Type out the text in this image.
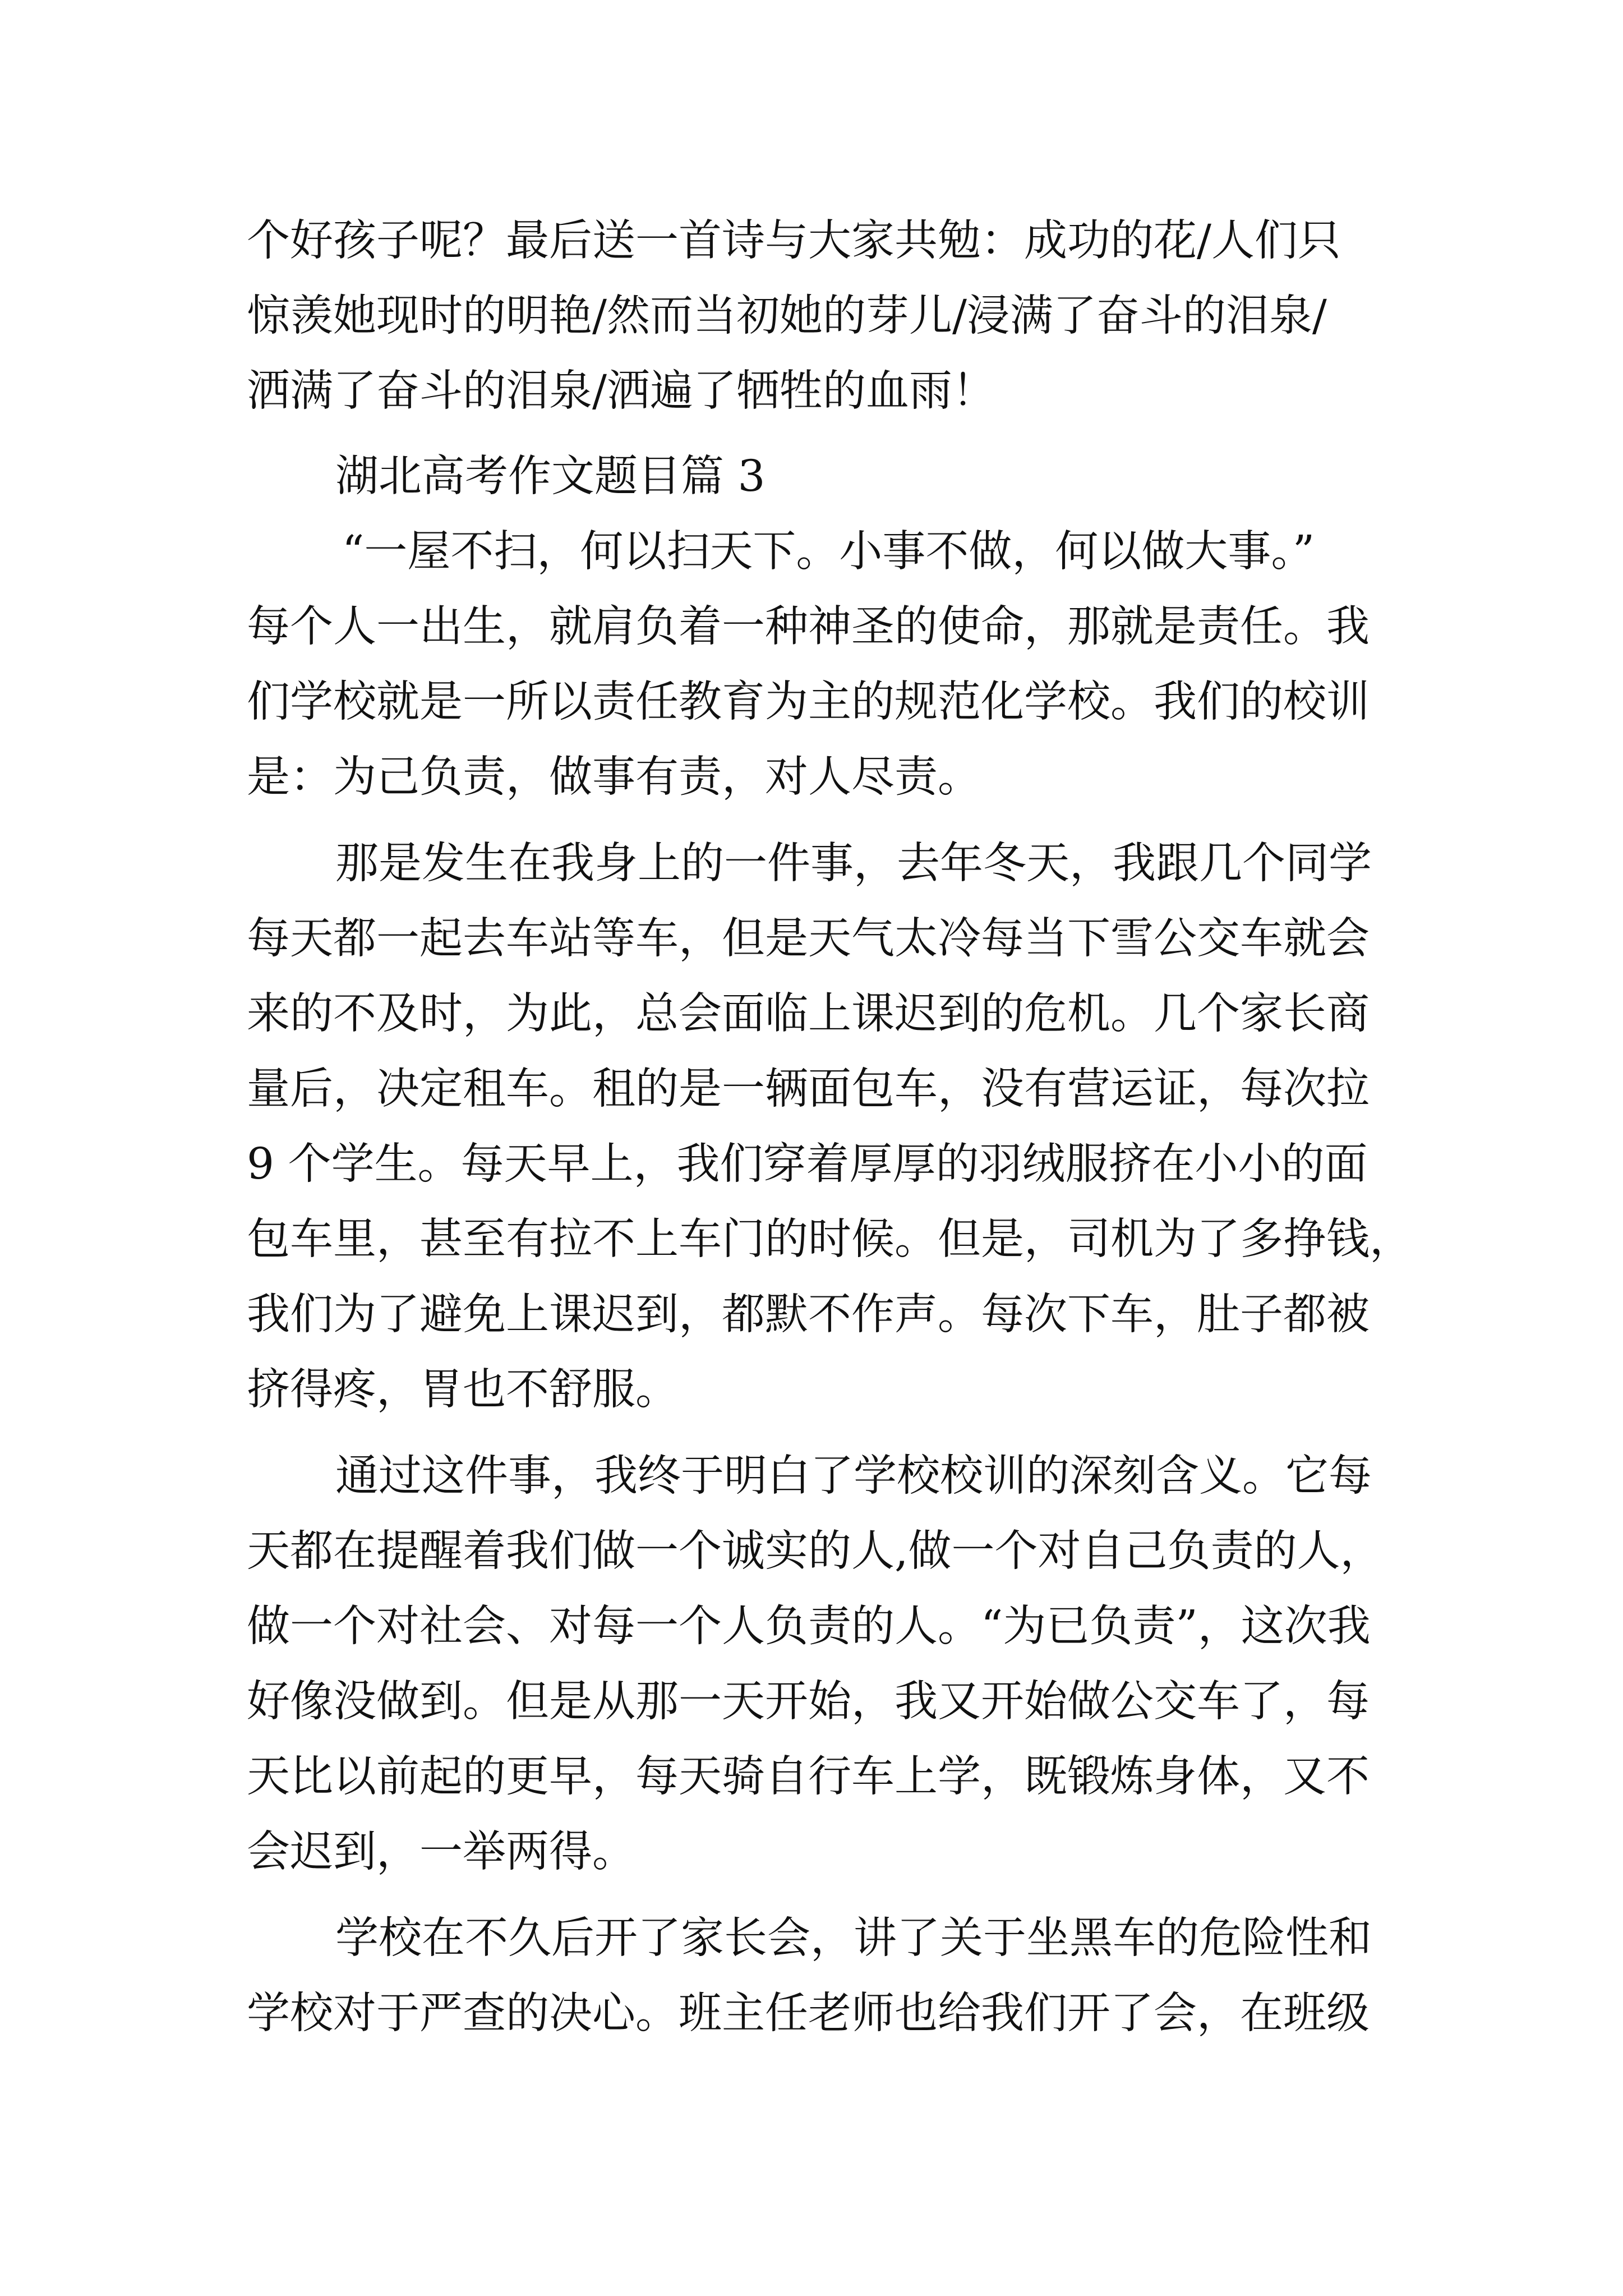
个好孩子呢？最后送一首诗与大家共勉：成功的花/人们只
惊羡她现时的明艳/然而当初她的芽儿/浸满了奋斗的泪泉/
洒满了奋斗的泪泉/洒遍了牺牲的血雨！
湖北高考作文题目篇 3
“一屋不扫，何以扫天下。小事不做，何以做大事。”
每个人一出生，就肩负着一种神圣的使命，那就是责任。我
们学校就是一所以责任教育为主的规范化学校。我们的校训
是：为己负责，做事有责，对人尽责。
那是发生在我身上的一件事，去年冬天，我跟几个同学
每天都一起去车站等车，但是天气太冷每当下雪公交车就会
来的不及时，为此，总会面临上课迟到的危机。几个家长商
量后，决定租车。租的是一辆面包车，没有营运证，每次拉
9 个学生。每天早上，我们穿着厚厚的羽绒服挤在小小的面
包车里，甚至有拉不上车门的时候。但是，司机为了多挣钱，
我们为了避免上课迟到，都默不作声。每次下车，肚子都被
挤得疼，胃也不舒服。
通过这件事，我终于明白了学校校训的深刻含义。它每
天都在提醒着我们做一个诚实的人,做一个对自己负责的人，
做一个对社会、对每一个人负责的人。“为已负责”，这次我
好像没做到。但是从那一天开始，我又开始做公交车了，每
天比以前起的更早，每天骑自行车上学，既锻炼身体，又不
会迟到，一举两得。
学校在不久后开了家长会，讲了关于坐黑车的危险性和
学校对于严查的决心。班主任老师也给我们开了会，在班级
